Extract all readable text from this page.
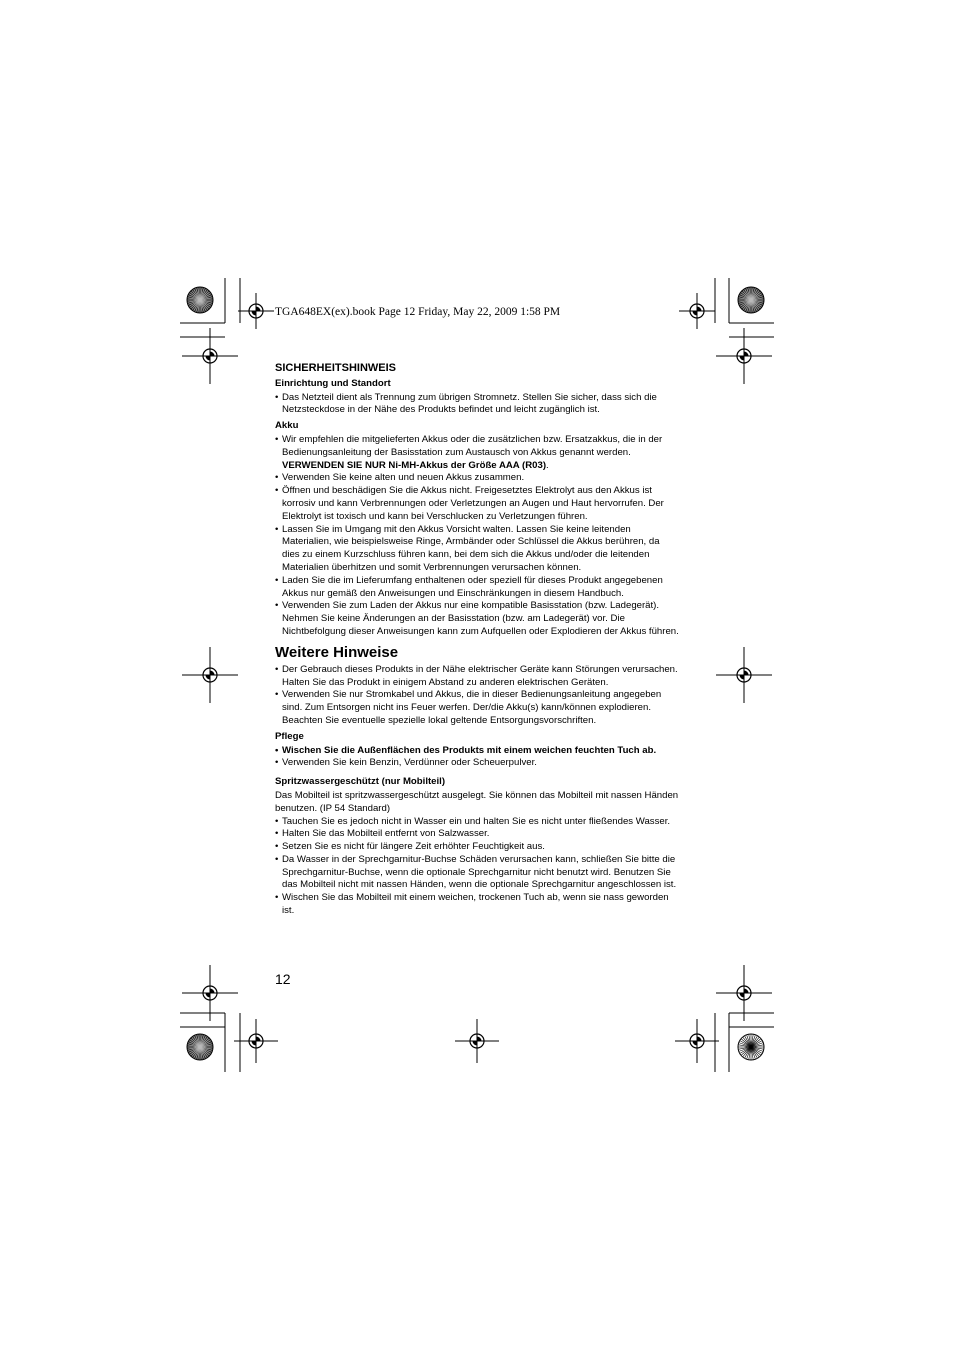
TGA648EX(ex).book Page 12 Friday, May 22, 2009 1:58 PM
SICHERHEITSHINWEIS
Einrichtung und Standort
• Das Netzteil dient als Trennung zum übrigen Stromnetz. Stellen Sie sicher, dass sich die Netzsteckdose in der Nähe des Produkts befindet und leicht zugänglich ist.
Akku
• Wir empfehlen die mitgelieferten Akkus oder die zusätzlichen bzw. Ersatzakkus, die in der Bedienungsanleitung der Basisstation zum Austausch von Akkus genannt werden.
VERWENDEN SIE NUR Ni-MH-Akkus der Größe AAA (R03).
• Verwenden Sie keine alten und neuen Akkus zusammen.
• Öffnen und beschädigen Sie die Akkus nicht. Freigesetztes Elektrolyt aus den Akkus ist korrosiv und kann Verbrennungen oder Verletzungen an Augen und Haut hervorrufen. Der Elektrolyt ist toxisch und kann bei Verschlucken zu Verletzungen führen.
• Lassen Sie im Umgang mit den Akkus Vorsicht walten. Lassen Sie keine leitenden Materialien, wie beispielsweise Ringe, Armbänder oder Schlüssel die Akkus berühren, da dies zu einem Kurzschluss führen kann, bei dem sich die Akkus und/oder die leitenden Materialien überhitzen und somit Verbrennungen verursachen können.
• Laden Sie die im Lieferumfang enthaltenen oder speziell für dieses Produkt angegebenen Akkus nur gemäß den Anweisungen und Einschränkungen in diesem Handbuch.
• Verwenden Sie zum Laden der Akkus nur eine kompatible Basisstation (bzw. Ladegerät). Nehmen Sie keine Änderungen an der Basisstation (bzw. am Ladegerät) vor. Die Nichtbefolgung dieser Anweisungen kann zum Aufquellen oder Explodieren der Akkus führen.
Weitere Hinweise
• Der Gebrauch dieses Produkts in der Nähe elektrischer Geräte kann Störungen verursachen. Halten Sie das Produkt in einigem Abstand zu anderen elektrischen Geräten.
• Verwenden Sie nur Stromkabel und Akkus, die in dieser Bedienungsanleitung angegeben sind. Zum Entsorgen nicht ins Feuer werfen. Der/die Akku(s) kann/können explodieren. Beachten Sie eventuelle spezielle lokal geltende Entsorgungsvorschriften.
Pflege
• Wischen Sie die Außenflächen des Produkts mit einem weichen feuchten Tuch ab.
• Verwenden Sie kein Benzin, Verdünner oder Scheuerpulver.
Spritzwassergeschützt (nur Mobilteil)

Das Mobilteil ist spritzwassergeschützt ausgelegt. Sie können das Mobilteil mit nassen Händen benutzen. (IP 54 Standard)

• Tauchen Sie es jedoch nicht in Wasser ein und halten Sie es nicht unter fließendes Wasser.
• Halten Sie das Mobilteil entfernt von Salzwasser.
• Setzen Sie es nicht für längere Zeit erhöhter Feuchtigkeit aus.
• Da Wasser in der Sprechgarnitur-Buchse Schäden verursachen kann, schließen Sie bitte die Sprechgarnitur-Buchse, wenn die optionale Sprechgarnitur nicht benutzt wird. Benutzen Sie das Mobilteil nicht mit nassen Händen, wenn die optionale Sprechgarnitur angeschlossen ist.
• Wischen Sie das Mobilteil mit einem weichen, trockenen Tuch ab, wenn sie nass geworden ist.
12
